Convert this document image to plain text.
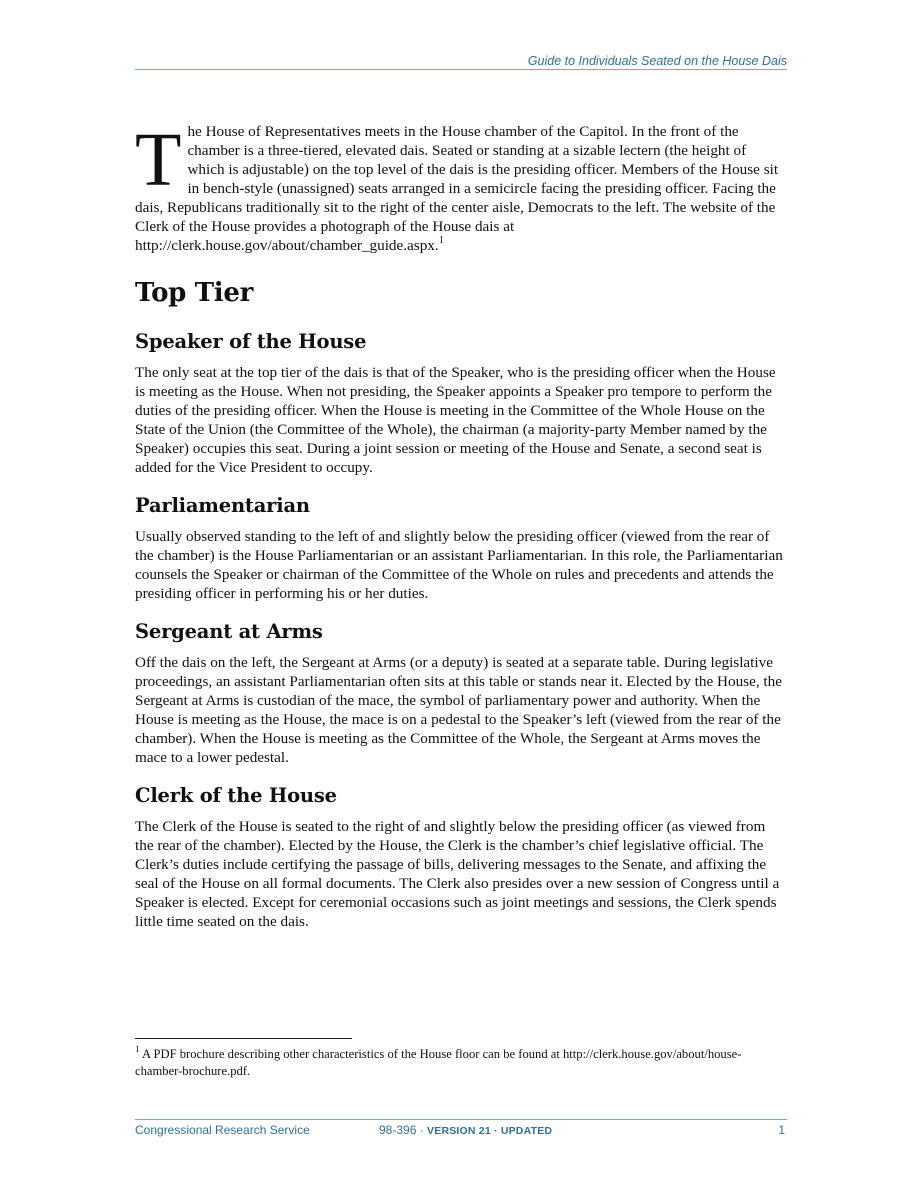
Guide to Individuals Seated on the House Dais

The House of Representatives meets in the House chamber of the Capitol. In the front of the chamber is a three-tiered, elevated dais. Seated or standing at a sizable lectern (the height of which is adjustable) on the top level of the dais is the presiding officer. Members of the House sit in bench-style (unassigned) seats arranged in a semicircle facing the presiding officer. Facing the dais, Republicans traditionally sit to the right of the center aisle, Democrats to the left. The website of the Clerk of the House provides a photograph of the House dais at http://clerk.house.gov/about/chamber_guide.aspx.$^1$

Top Tier
Speaker of the House

The only seat at the top tier of the dais is that of the Speaker, who is the presiding officer when the House is meeting as the House. When not presiding, the Speaker appoints a Speaker pro tempore to perform the duties of the presiding officer. When the House is meeting in the Committee of the Whole House on the State of the Union (the Committee of the Whole), the chairman (a majority-party Member named by the Speaker) occupies this seat. During a joint session or meeting of the House and Senate, a second seat is added for the Vice President to occupy.

Parliamentarian

Usually observed standing to the left of and slightly below the presiding officer (viewed from the rear of the chamber) is the House Parliamentarian or an assistant Parliamentarian. In this role, the Parliamentarian counsels the Speaker or chairman of the Committee of the Whole on rules and precedents and attends the presiding officer in performing his or her duties.

Sergeant at Arms

Off the dais on the left, the Sergeant at Arms (or a deputy) is seated at a separate table. During legislative proceedings, an assistant Parliamentarian often sits at this table or stands near it. Elected by the House, the Sergeant at Arms is custodian of the mace, the symbol of parliamentary power and authority. When the House is meeting as the House, the mace is on a pedestal to the Speaker’s left (viewed from the rear of the chamber). When the House is meeting as the Committee of the Whole, the Sergeant at Arms moves the mace to a lower pedestal.

Clerk of the House

The Clerk of the House is seated to the right of and slightly below the presiding officer (as viewed from the rear of the chamber). Elected by the House, the Clerk is the chamber’s chief legislative official. The Clerk’s duties include certifying the passage of bills, delivering messages to the Senate, and affixing the seal of the House on all formal documents. The Clerk also presides over a new session of Congress until a Speaker is elected. Except for ceremonial occasions such as joint meetings and sessions, the Clerk spends little time seated on the dais.

$^1$ A PDF brochure describing other characteristics of the House floor can be found at http://clerk.house.gov/about/house-chamber-brochure.pdf.
Congressional Research Service	98-396 · VERSION 21 · UPDATED	1
